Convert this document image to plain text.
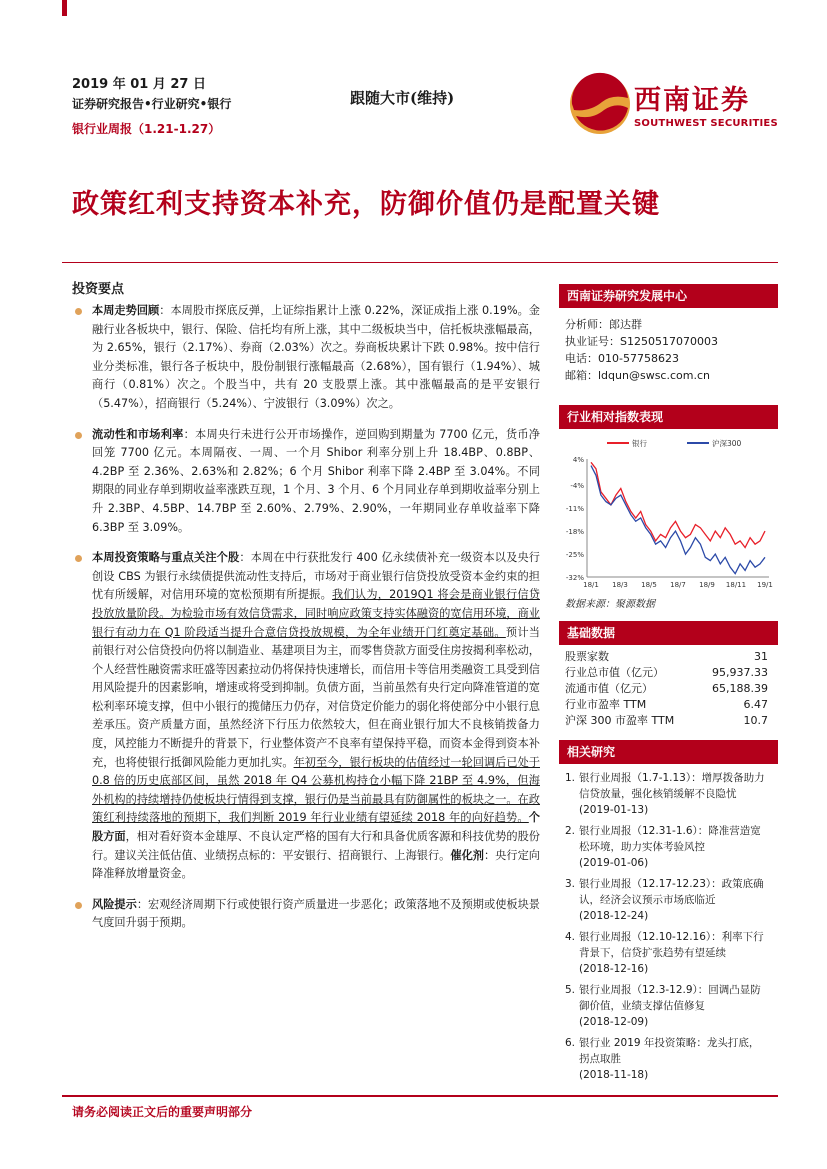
2019 年 01 月 27 日
证券研究报告•行业研究•银行
银行业周报（1.21-1.27）
跟随大市(维持)	西南证券
SOUTHWEST SECURITIES
政策红利支持资本补充，防御价值仍是配置关键
投资要点
本周走势回顾：本周股市探底反弹，上证综指累计上涨 0.22%，深证成指上涨 0.19%。金融行业各板块中，银行、保险、信托均有所上涨，其中二级板块当中，信托板块涨幅最高，为 2.65%，银行（2.17%）、券商（2.03%）次之。券商板块累计下跌 0.98%。按中信行业分类标准，银行各子板块中，股份制银行涨幅最高（2.68%），国有银行（1.94%）、城商行（0.81%）次之。个股当中，共有 20 支股票上涨。其中涨幅最高的是平安银行（5.47%），招商银行（5.24%）、宁波银行（3.09%）次之。
流动性和市场利率：本周央行未进行公开市场操作，逆回购到期量为 7700 亿元，货币净回笼 7700 亿元。本周隔夜、一周、一个月 Shibor 利率分别上升 18.4BP、0.8BP、4.2BP 至 2.36%、2.63%和 2.82%；6 个月 Shibor 利率下降 2.4BP 至 3.04%。不同期限的同业存单到期收益率涨跌互现，1 个月、3 个月、6 个月同业存单到期收益率分别上升 2.3BP、4.5BP、14.7BP 至 2.60%、2.79%、2.90%，一年期同业存单收益率下降 6.3BP 至 3.09%。
本周投资策略与重点关注个股：本周在中行获批发行 400 亿永续债补充一级资本以及央行创设 CBS 为银行永续债提供流动性支持后，市场对于商业银行信贷投放受资本金约束的担忧有所缓解，对信用环境的宽松预期有所提振。我们认为，2019Q1 将会是商业银行信贷投放放量阶段。为检验市场有效信贷需求，同时响应政策支持实体融资的宽信用环境，商业银行有动力在 Q1 阶段适当提升合意信贷投放规模，为全年业绩开门红奠定基础。预计当前银行对公信贷投向仍将以制造业、基建项目为主，而零售贷款方面受住房按揭利率松动，个人经营性融资需求旺盛等因素拉动仍将保持快速增长，而信用卡等信用类融资工具受到信用风险提升的因素影响，增速或将受到抑制。负债方面，当前虽然有央行定向降准管道的宽松利率环境支撑，但中小银行的揽储压力仍存，对信贷定价能力的弱化将使部分中小银行息差承压。资产质量方面，虽然经济下行压力依然较大，但在商业银行加大不良核销拨备力度，风控能力不断提升的背景下，行业整体资产不良率有望保持平稳，而资本金得到资本补充，也将使银行抵御风险能力更加扎实。年初至今，银行板块的估值经过一轮回调后已处于 0.8 倍的历史底部区间，虽然 2018 年 Q4 公募机构持仓小幅下降 21BP 至 4.9%，但海外机构的持续增持仍使板块行情得到支撑，银行仍是当前最具有防御属性的板块之一。在政策红利持续落地的预期下，我们判断 2019 年行业业绩有望延续 2018 年的向好趋势。个股方面，相对看好资本金雄厚、不良认定严格的国有大行和具备优质客源和科技优势的股份行。建议关注低估值、业绩拐点标的：平安银行、招商银行、上海银行。催化剂：央行定向降准释放增量资金。
风险提示：宏观经济周期下行或使银行资产质量进一步恶化；政策落地不及预期或使板块景气度回升弱于预期。
西南证券研究发展中心
分析师：郎达群
执业证号：S1250517070003
电话：010-57758623
邮箱：ldqun@swsc.com.cn
行业相对指数表现
4%
-4%
-11%
-18%
-25%
-32%
18/1 18/3 18/5 18/7 18/9 18/11 19/1
银行	沪深300
数据来源：聚源数据
基础数据
股票家数	31
行业总市值（亿元）	95,937.33
流通市值（亿元）	65,188.39
行业市盈率 TTM	6.47
沪深 300 市盈率 TTM	10.7
相关研究
1. 银行业周报（1.7-1.13）：增厚拨备助力
信贷放量，强化核销缓解不良隐忧
(2019-01-13)
2. 银行业周报（12.31-1.6）：降准营造宽
松环境，助力实体考验风控
(2019-01-06)
3. 银行业周报（12.17-12.23）：政策底确
认，经济会议预示市场底临近
(2018-12-24)
4. 银行业周报（12.10-12.16）：利率下行
背景下，信贷扩张趋势有望延续
(2018-12-16)
5. 银行业周报（12.3-12.9）：回调凸显防
御价值，业绩支撑估值修复
(2018-12-09)
6. 银行业 2019 年投资策略：龙头打底，
拐点取胜
(2018-11-18)
请务必阅读正文后的重要声明部分
